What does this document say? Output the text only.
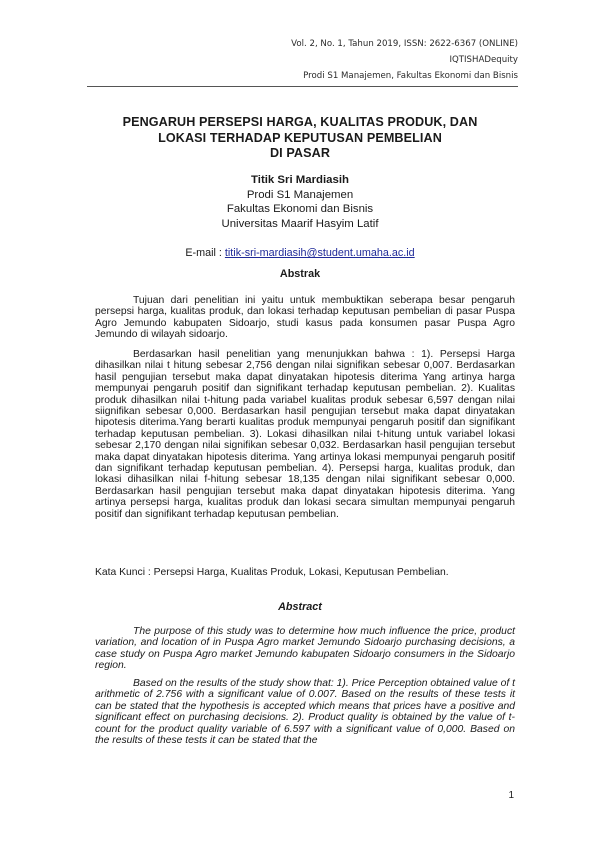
Vol. 2, No. 1, Tahun 2019, ISSN: 2622-6367 (ONLINE)
IQTISHADequity
Prodi S1 Manajemen, Fakultas Ekonomi dan Bisnis
PENGARUH PERSEPSI HARGA, KUALITAS PRODUK, DAN
LOKASI TERHADAP KEPUTUSAN PEMBELIAN
DI PASAR
Titik Sri Mardiasih
Prodi S1 Manajemen
Fakultas Ekonomi dan Bisnis
Universitas Maarif Hasyim Latif
E-mail : titik-sri-mardiasih@student.umaha.ac.id
Abstrak

Tujuan dari penelitian ini yaitu untuk membuktikan seberapa besar pengaruh persepsi harga, kualitas produk, dan lokasi terhadap keputusan pembelian di pasar Puspa Agro Jemundo kabupaten Sidoarjo, studi kasus pada konsumen pasar Puspa Agro Jemundo di wilayah sidoarjo.

Berdasarkan hasil penelitian yang menunjukkan bahwa : 1). Persepsi Harga dihasilkan nilai t hitung sebesar 2,756 dengan nilai signifikan sebesar 0,007. Berdasarkan hasil pengujian tersebut maka dapat dinyatakan hipotesis diterima Yang artinya harga mempunyai pengaruh positif dan signifikant terhadap keputusan pembelian. 2). Kualitas produk dihasilkan nilai t-hitung pada variabel kualitas produk sebesar 6,597 dengan nilai siignifikan sebesar 0,000. Berdasarkan hasil pengujian tersebut maka dapat dinyatakan hipotesis diterima.Yang berarti kualitas produk mempunyai pengaruh positif dan signifikant terhadap keputusan pembelian. 3). Lokasi dihasilkan nilai t-hitung untuk variabel lokasi sebesar 2,170 dengan nilai signifikan sebesar 0,032. Berdasarkan hasil pengujian tersebut maka dapat dinyatakan hipotesis diterima. Yang artinya lokasi mempunyai pengaruh positif dan signifikant terhadap keputusan pembelian. 4). Persepsi harga, kualitas produk, dan lokasi dihasilkan nilai f-hitung sebesar 18,135 dengan nilai signifikant sebesar 0,000. Berdasarkan hasil pengujian tersebut maka dapat dinyatakan hipotesis diterima. Yang artinya persepsi harga, kualitas produk dan lokasi secara simultan mempunyai pengaruh positif dan signifikant terhadap keputusan pembelian.

Kata Kunci : Persepsi Harga, Kualitas Produk, Lokasi, Keputusan Pembelian.
Abstract

The purpose of this study was to determine how much influence the price, product variation, and location of in Puspa Agro market Jemundo Sidoarjo purchasing decisions, a case study on Puspa Agro market Jemundo kabupaten Sidoarjo consumers in the Sidoarjo region.

Based on the results of the study show that: 1). Price Perception obtained value of t arithmetic of 2.756 with a significant value of 0.007. Based on the results of these tests it can be stated that the hypothesis is accepted which means that prices have a positive and significant effect on purchasing decisions. 2). Product quality is obtained by the value of t-count for the product quality variable of 6.597 with a significant value of 0,000. Based on the results of these tests it can be stated that the

1
